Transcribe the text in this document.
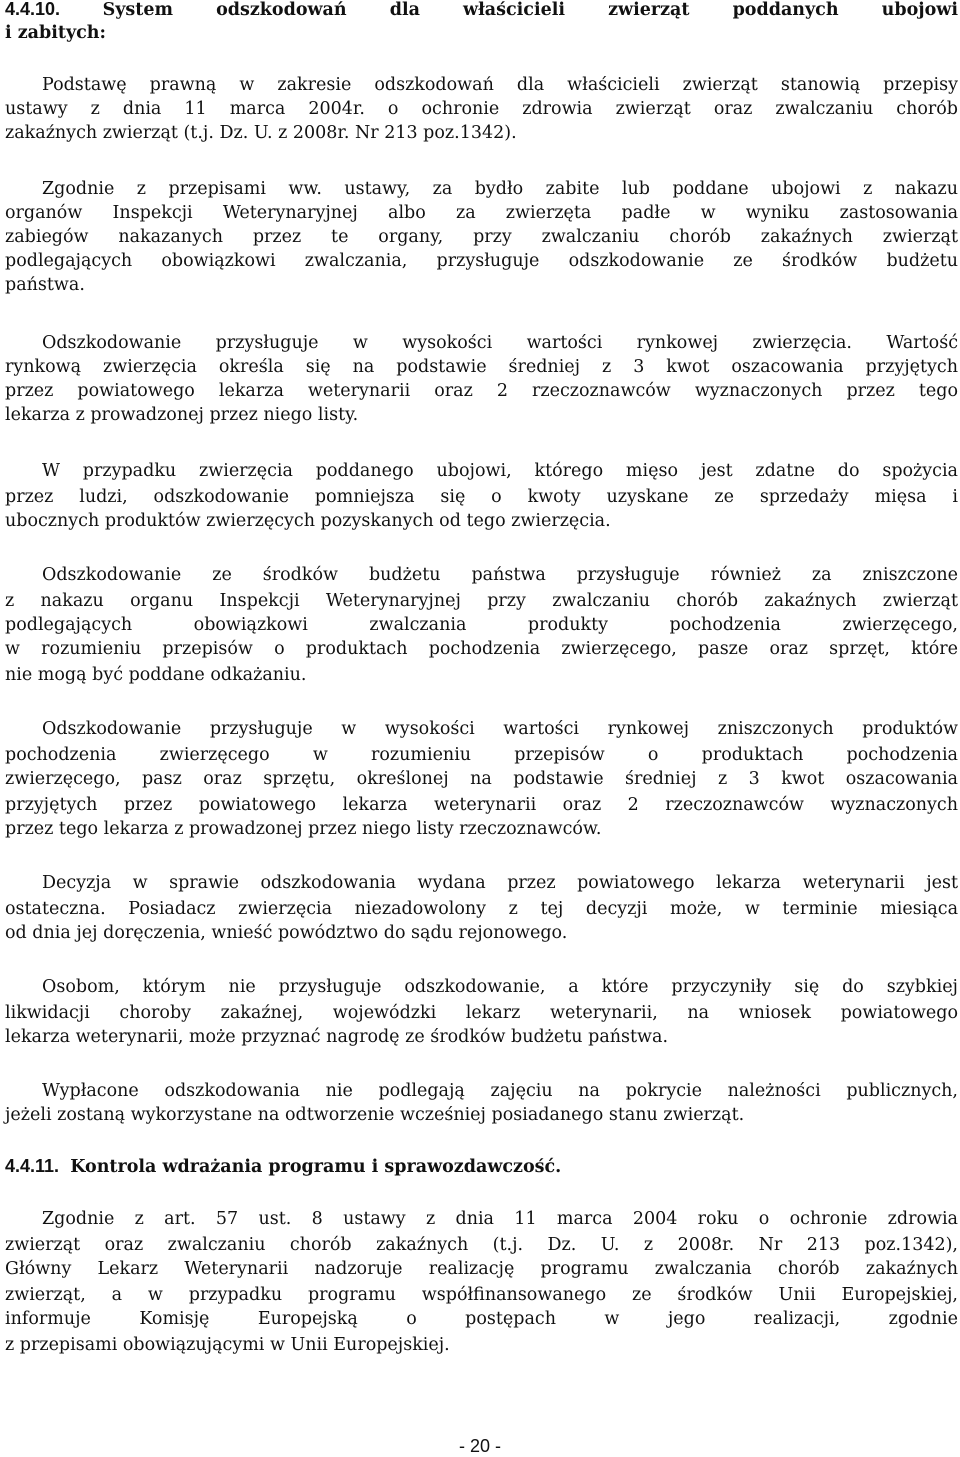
4.4.10. System odszkodowań dla właścicieli zwierząt poddanych ubojowi
i zabitych:
Podstawę prawną w zakresie odszkodowań dla właścicieli zwierząt stanowią przepisy
ustawy z dnia 11 marca 2004r. o ochronie zdrowia zwierząt oraz zwalczaniu chorób
zakaźnych zwierząt (t.j. Dz. U. z 2008r. Nr 213 poz.1342).
Zgodnie z przepisami ww. ustawy, za bydło zabite lub poddane ubojowi z nakazu
organów Inspekcji Weterynaryjnej albo za zwierzęta padłe w wyniku zastosowania
zabiegów nakazanych przez te organy, przy zwalczaniu chorób zakaźnych zwierząt
podlegających obowiązkowi zwalczania, przysługuje odszkodowanie ze środków budżetu
państwa.
Odszkodowanie przysługuje w wysokości wartości rynkowej zwierzęcia. Wartość
rynkową zwierzęcia określa się na podstawie średniej z 3 kwot oszacowania przyjętych
przez powiatowego lekarza weterynarii oraz 2 rzeczoznawców wyznaczonych przez tego
lekarza z prowadzonej przez niego listy.
W przypadku zwierzęcia poddanego ubojowi, którego mięso jest zdatne do spożycia
przez ludzi, odszkodowanie pomniejsza się o kwoty uzyskane ze sprzedaży mięsa i
ubocznych produktów zwierzęcych pozyskanych od tego zwierzęcia.
Odszkodowanie ze środków budżetu państwa przysługuje również za zniszczone
z nakazu organu Inspekcji Weterynaryjnej przy zwalczaniu chorób zakaźnych zwierząt
podlegających obowiązkowi zwalczania produkty pochodzenia zwierzęcego,
w rozumieniu przepisów o produktach pochodzenia zwierzęcego, pasze oraz sprzęt, które
nie mogą być poddane odkażaniu.
Odszkodowanie przysługuje w wysokości wartości rynkowej zniszczonych produktów
pochodzenia zwierzęcego w rozumieniu przepisów o produktach pochodzenia
zwierzęcego, pasz oraz sprzętu, określonej na podstawie średniej z 3 kwot oszacowania
przyjętych przez powiatowego lekarza weterynarii oraz 2 rzeczoznawców wyznaczonych
przez tego lekarza z prowadzonej przez niego listy rzeczoznawców.
Decyzja w sprawie odszkodowania wydana przez powiatowego lekarza weterynarii jest
ostateczna. Posiadacz zwierzęcia niezadowolony z tej decyzji może, w terminie miesiąca
od dnia jej doręczenia, wnieść powództwo do sądu rejonowego.
Osobom, którym nie przysługuje odszkodowanie, a które przyczyniły się do szybkiej
likwidacji choroby zakaźnej, wojewódzki lekarz weterynarii, na wniosek powiatowego
lekarza weterynarii, może przyznać nagrodę ze środków budżetu państwa.
Wypłacone odszkodowania nie podlegają zajęciu na pokrycie należności publicznych,
jeżeli zostaną wykorzystane na odtworzenie wcześniej posiadanego stanu zwierząt.
4.4.11. Kontrola wdrażania programu i sprawozdawczość.
Zgodnie z art. 57 ust. 8 ustawy z dnia 11 marca 2004 roku o ochronie zdrowia
zwierząt oraz zwalczaniu chorób zakaźnych (t.j. Dz. U. z 2008r. Nr 213 poz.1342),
Główny Lekarz Weterynarii nadzoruje realizację programu zwalczania chorób zakaźnych
zwierząt, a w przypadku programu współfinansowanego ze środków Unii Europejskiej,
informuje Komisję Europejską o postępach w jego realizacji, zgodnie
z przepisami obowiązującymi w Unii Europejskiej.
- 20 -
